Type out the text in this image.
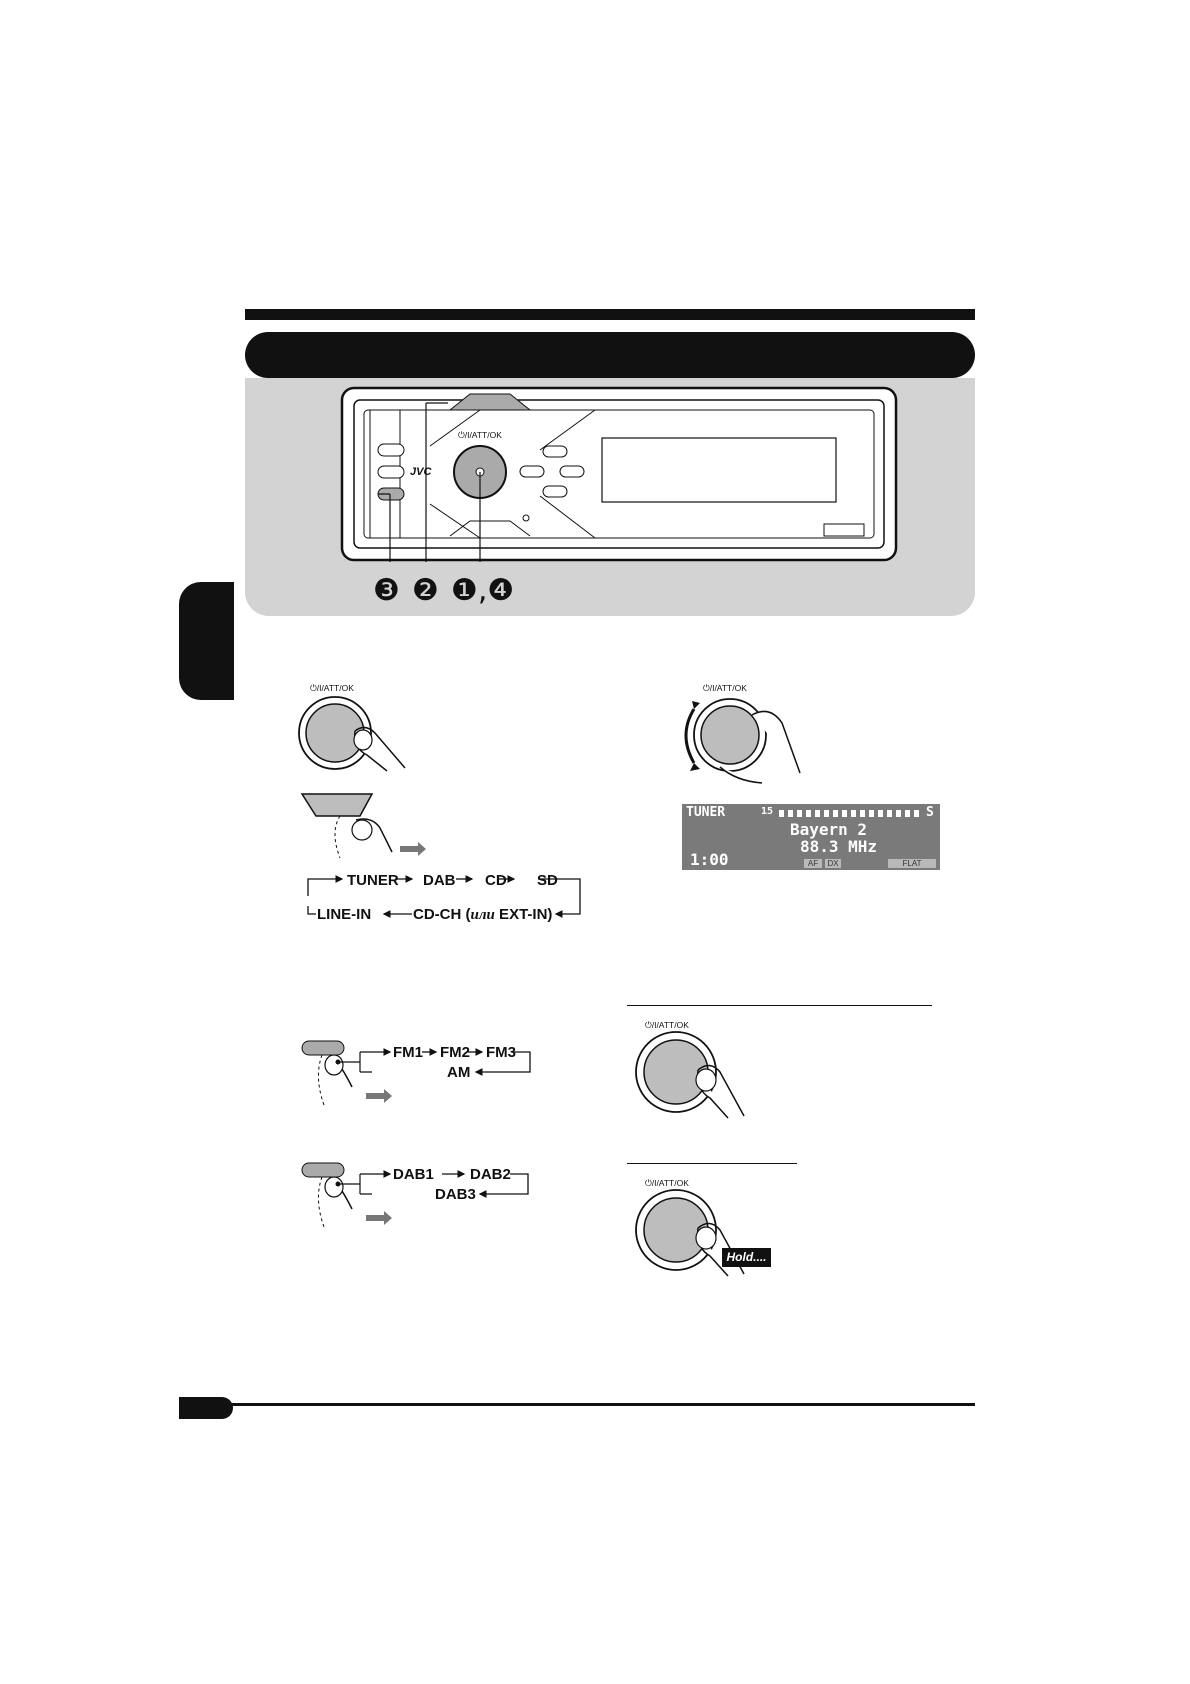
⏻/I/ATT/OK
JVC
❸ ❷ ❶,❹
⏻/I/ATT/OK
TUNER DAB CD SD
LINE-IN	CD-CH (или EXT-IN)
⏻/I/ATT/OK
TUNER	15	S
Bayern 2
88.3 MHz
1:00	AF	DX	FLAT
FM1 FM2 FM3
AM
DAB1 DAB2
DAB3
⏻/I/ATT/OK
⏻/I/ATT/OK
Hold....
